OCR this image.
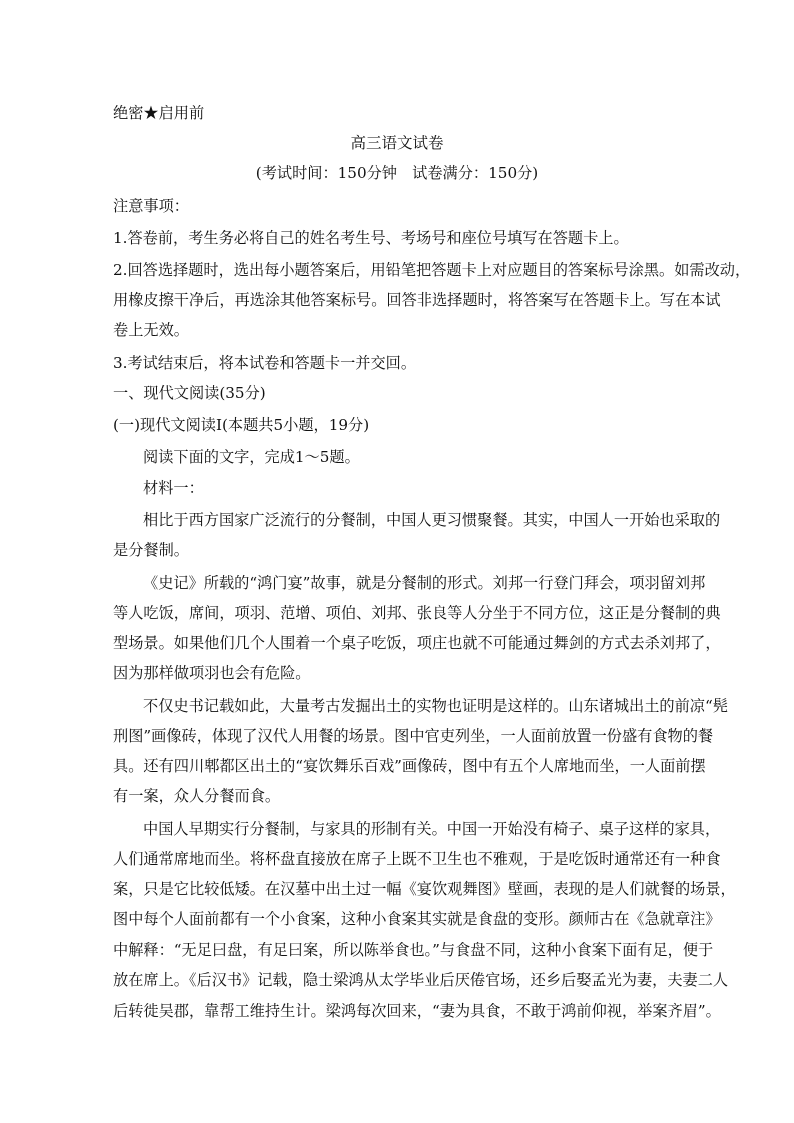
绝密★启用前

高三语文试卷

(考试时间：150分钟　试卷满分：150分)

注意事项：

1.答卷前，考生务必将自己的姓名考生号、考场号和座位号填写在答题卡上。

2.回答选择题时，选出每小题答案后，用铅笔把答题卡上对应题目的答案标号涂黑。如需改动，

用橡皮擦干净后，再选涂其他答案标号。回答非选择题时，将答案写在答题卡上。写在本试

卷上无效。

3.考试结束后，将本试卷和答题卡一并交回。

一、现代文阅读(35分)

(一)现代文阅读I(本题共5小题，19分)

阅读下面的文字，完成1～5题。

材料一：

相比于西方国家广泛流行的分餐制，中国人更习惯聚餐。其实，中国人一开始也采取的

是分餐制。

《史记》所载的“鸿门宴”故事，就是分餐制的形式。刘邦一行登门拜会，项羽留刘邦

等人吃饭，席间，项羽、范增、项伯、刘邦、张良等人分坐于不同方位，这正是分餐制的典

型场景。如果他们几个人围着一个桌子吃饭，项庄也就不可能通过舞剑的方式去杀刘邦了，

因为那样做项羽也会有危险。

不仅史书记载如此，大量考古发掘出土的实物也证明是这样的。山东诸城出土的前凉“髡

刑图”画像砖，体现了汉代人用餐的场景。图中官吏列坐，一人面前放置一份盛有食物的餐

具。还有四川郫都区出土的“宴饮舞乐百戏”画像砖，图中有五个人席地而坐，一人面前摆

有一案，众人分餐而食。

中国人早期实行分餐制，与家具的形制有关。中国一开始没有椅子、桌子这样的家具，

人们通常席地而坐。将杯盘直接放在席子上既不卫生也不雅观，于是吃饭时通常还有一种食

案，只是它比较低矮。在汉墓中出土过一幅《宴饮观舞图》壁画，表现的是人们就餐的场景，

图中每个人面前都有一个小食案，这种小食案其实就是食盘的变形。颜师古在《急就章注》

中解释：“无足曰盘，有足曰案，所以陈举食也。”与食盘不同，这种小食案下面有足，便于

放在席上。《后汉书》记载，隐士梁鸿从太学毕业后厌倦官场，还乡后娶孟光为妻，夫妻二人

后转徙吴郡，靠帮工维持生计。梁鸿每次回来，“妻为具食，不敢于鸿前仰视，举案齐眉”。
